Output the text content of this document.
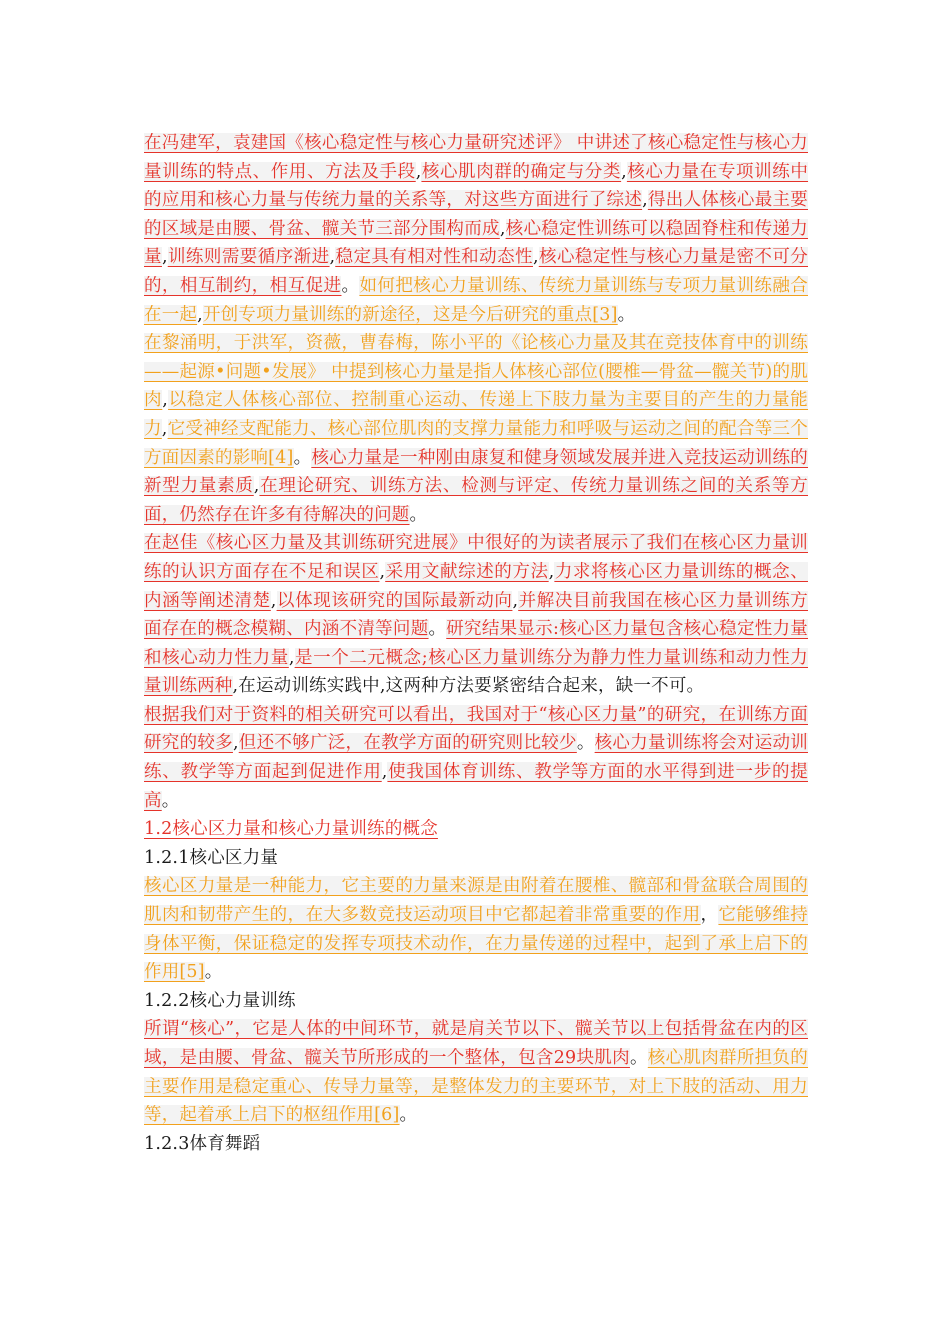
在冯建军，袁建国《核心稳定性与核心力量研究述评》 中讲述了核心稳定性与核心力量训练的特点、作用、方法及手段,核心肌肉群的确定与分类,核心力量在专项训练中的应用和核心力量与传统力量的关系等，对这些方面进行了综述,得出人体核心最主要的区域是由腰、骨盆、髋关节三部分围构而成,核心稳定性训练可以稳固脊柱和传递力量,训练则需要循序渐进,稳定具有相对性和动态性,核心稳定性与核心力量是密不可分的，相互制约，相互促进。如何把核心力量训练、传统力量训练与专项力量训练融合在一起,开创专项力量训练的新途径，这是今后研究的重点[3]。

在黎涌明，于洪军，资薇，曹春梅，陈小平的《论核心力量及其在竞技体育中的训练——起源•问题•发展》 中提到核心力量是指人体核心部位(腰椎—骨盆—髋关节)的肌肉,以稳定人体核心部位、控制重心运动、传递上下肢力量为主要目的产生的力量能力,它受神经支配能力、核心部位肌肉的支撑力量能力和呼吸与运动之间的配合等三个方面因素的影响[4]。核心力量是一种刚由康复和健身领域发展并进入竞技运动训练的新型力量素质,在理论研究、训练方法、检测与评定、传统力量训练之间的关系等方面，仍然存在许多有待解决的问题。

在赵佳《核心区力量及其训练研究进展》中很好的为读者展示了我们在核心区力量训练的认识方面存在不足和误区,采用文献综述的方法,力求将核心区力量训练的概念、内涵等阐述清楚,以体现该研究的国际最新动向,并解决目前我国在核心区力量训练方面存在的概念模糊、内涵不清等问题。研究结果显示:核心区力量包含核心稳定性力量和核心动力性力量,是一个二元概念;核心区力量训练分为静力性力量训练和动力性力量训练两种,在运动训练实践中,这两种方法要紧密结合起来，缺一不可。

根据我们对于资料的相关研究可以看出，我国对于“核心区力量”的研究，在训练方面研究的较多,但还不够广泛，在教学方面的研究则比较少。核心力量训练将会对运动训练、教学等方面起到促进作用,使我国体育训练、教学等方面的水平得到进一步的提高。

1.2核心区力量和核心力量训练的概念

1.2.1核心区力量

核心区力量是一种能力，它主要的力量来源是由附着在腰椎、髋部和骨盆联合周围的肌肉和韧带产生的，在大多数竞技运动项目中它都起着非常重要的作用，它能够维持身体平衡，保证稳定的发挥专项技术动作，在力量传递的过程中，起到了承上启下的作用[5]。

1.2.2核心力量训练

所谓“核心”，它是人体的中间环节，就是肩关节以下、髋关节以上包括骨盆在内的区域，是由腰、骨盆、髋关节所形成的一个整体，包含29块肌肉。核心肌肉群所担负的主要作用是稳定重心、传导力量等，是整体发力的主要环节，对上下肢的活动、用力等，起着承上启下的枢纽作用[6]。

1.2.3体育舞蹈
